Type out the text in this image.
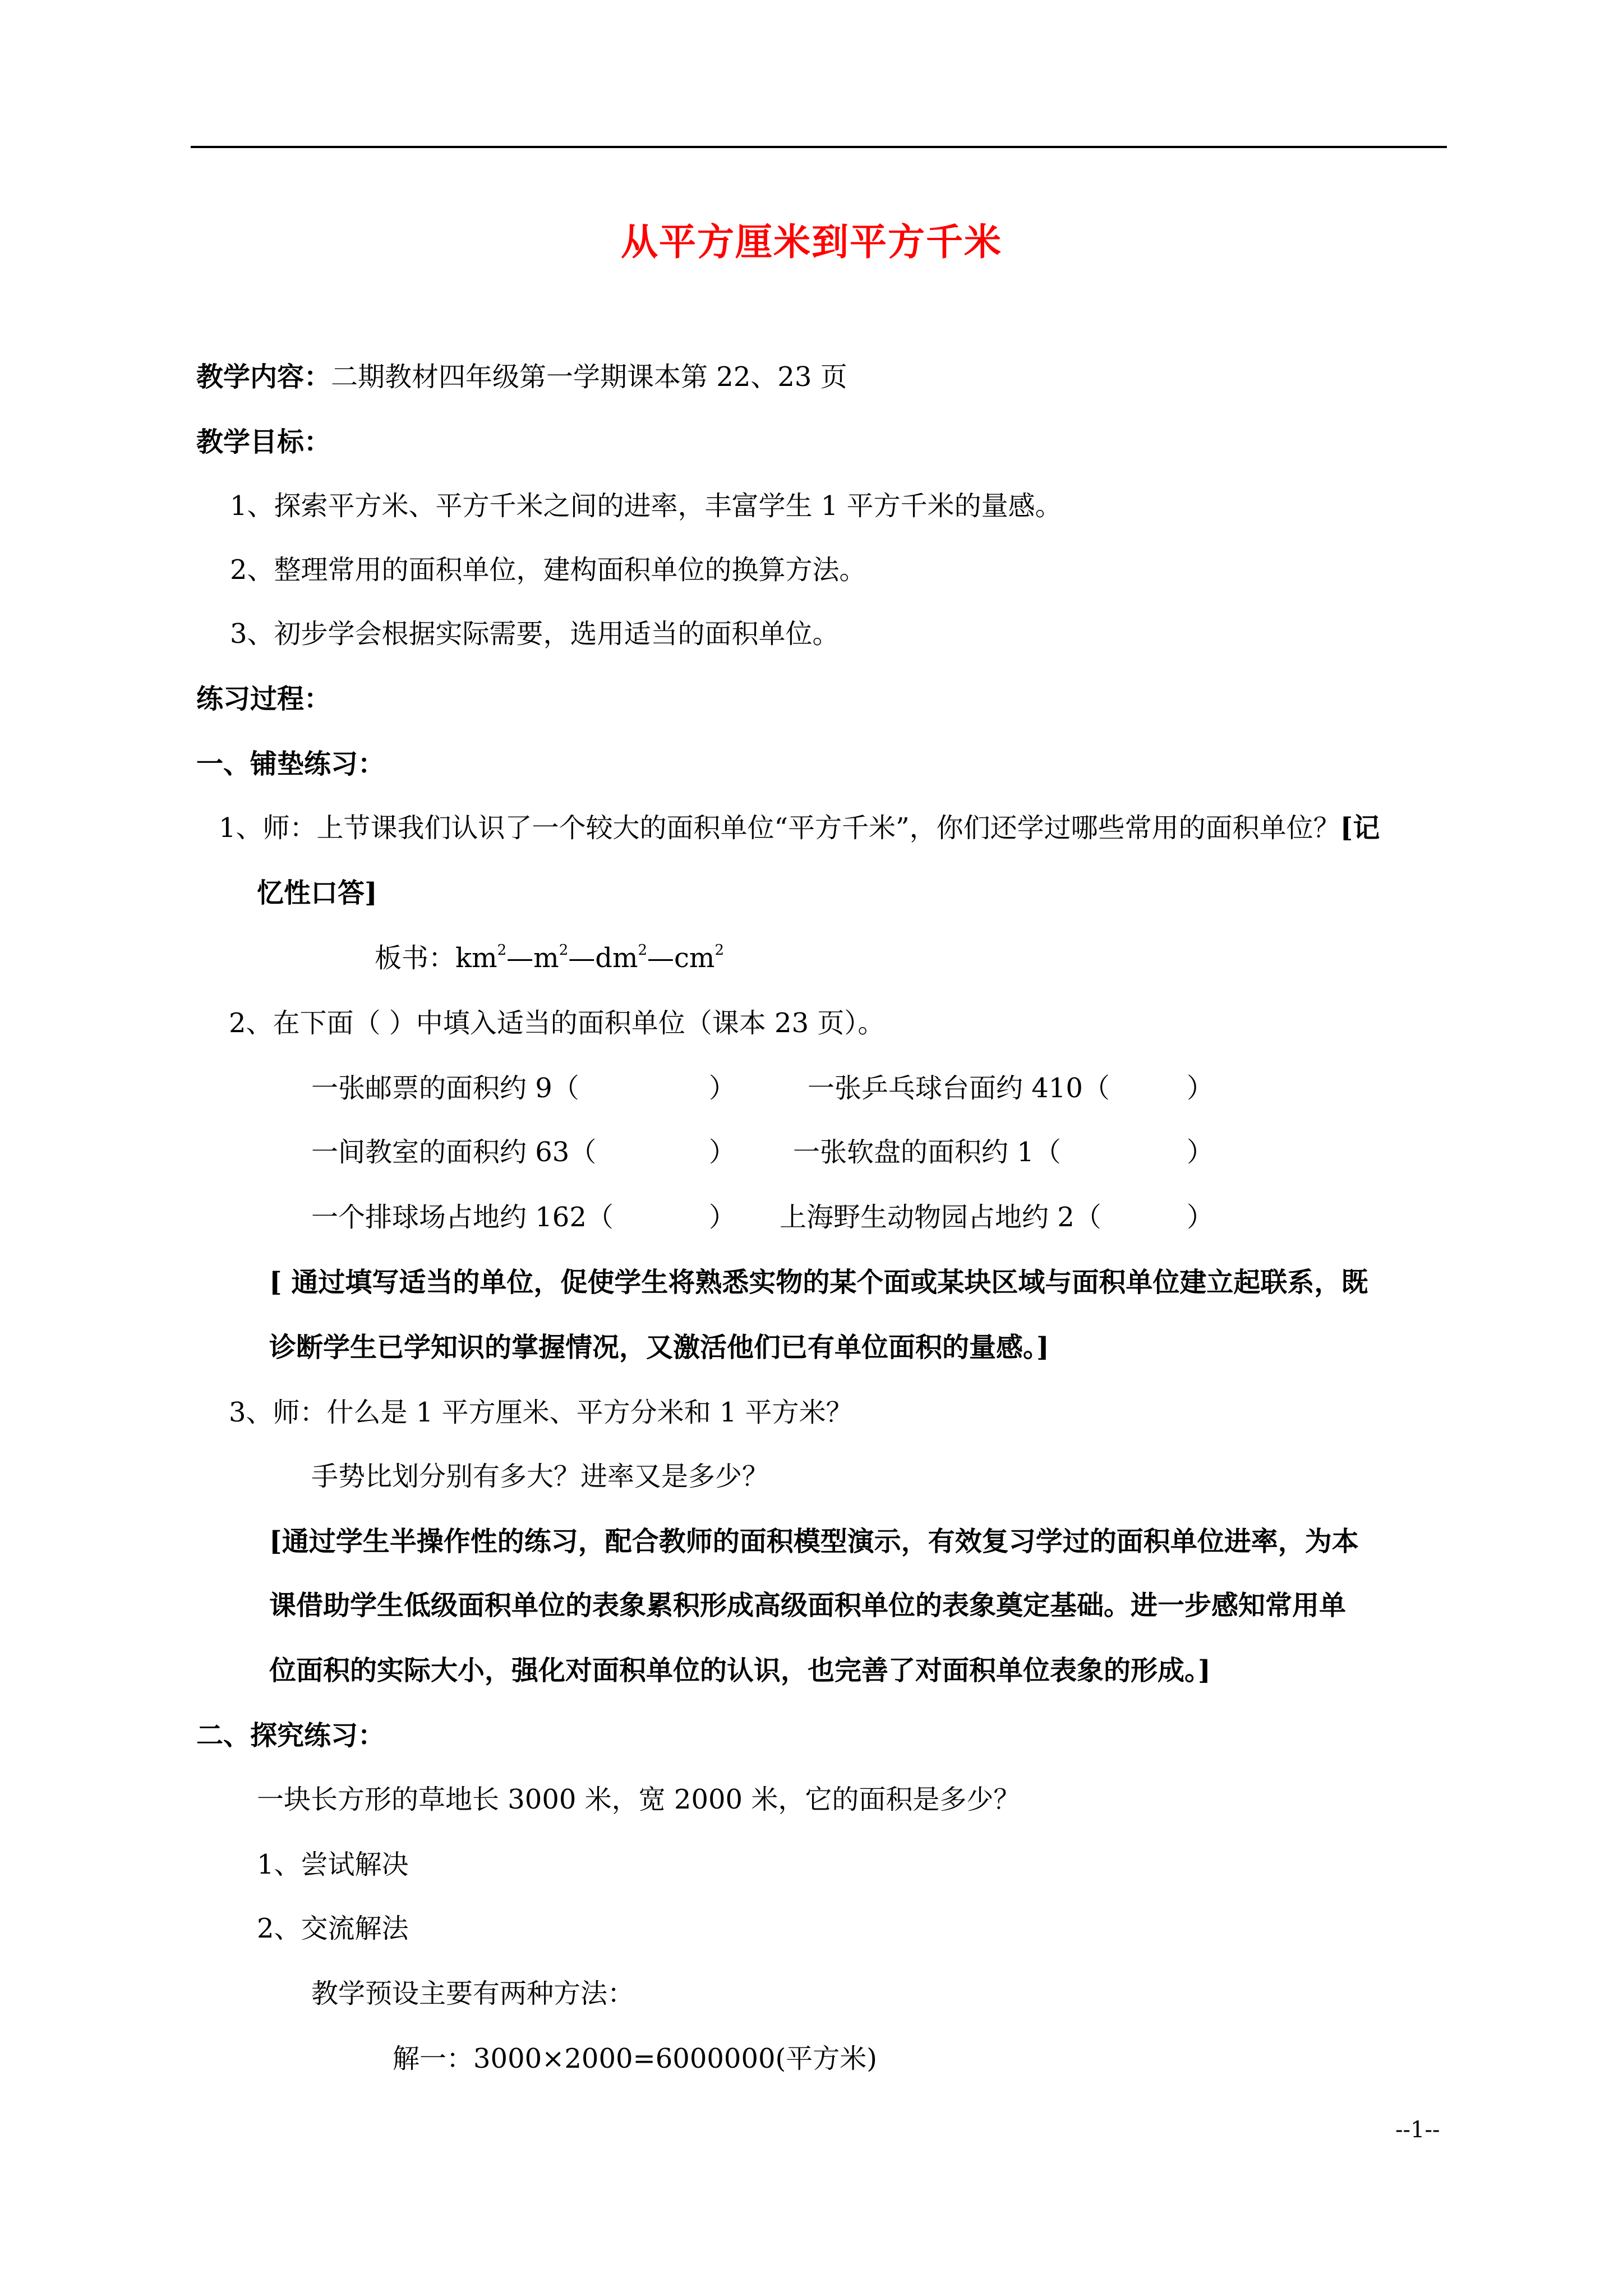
从平方厘米到平方千米
教学内容：二期教材四年级第一学期课本第 22、23 页
教学目标：
1、探索平方米、平方千米之间的进率，丰富学生 1 平方千米的量感。
2、整理常用的面积单位，建构面积单位的换算方法。
3、初步学会根据实际需要，选用适当的面积单位。
练习过程：
一、铺垫练习：
1、师：上节课我们认识了一个较大的面积单位“平方千米”，你们还学过哪些常用的面积单位？[记
忆性口答]
板书：$km^2—m^2—dm^2—cm^2$
2、在下面（ ）中填入适当的面积单位（课本 23 页）。
一张邮票的面积约 9（	）	一张乒乓球台面约 410（	）
一间教室的面积约 63（	） 一张软盘的面积约 1（	）
一个排球场占地约 162（	） 上海野生动物园占地约 2（	）
[ 通过填写适当的单位，促使学生将熟悉实物的某个面或某块区域与面积单位建立起联系，既
诊断学生已学知识的掌握情况，又激活他们已有单位面积的量感。]
3、师：什么是 1 平方厘米、平方分米和 1 平方米？
手势比划分别有多大？进率又是多少？
[通过学生半操作性的练习，配合教师的面积模型演示，有效复习学过的面积单位进率，为本
课借助学生低级面积单位的表象累积形成高级面积单位的表象奠定基础。进一步感知常用单
位面积的实际大小，强化对面积单位的认识，也完善了对面积单位表象的形成。]
二、探究练习：
一块长方形的草地长 3000 米，宽 2000 米，它的面积是多少？
1、尝试解决
2、交流解法
教学预设主要有两种方法：
解一：3000×2000=6000000(平方米)
--1--
